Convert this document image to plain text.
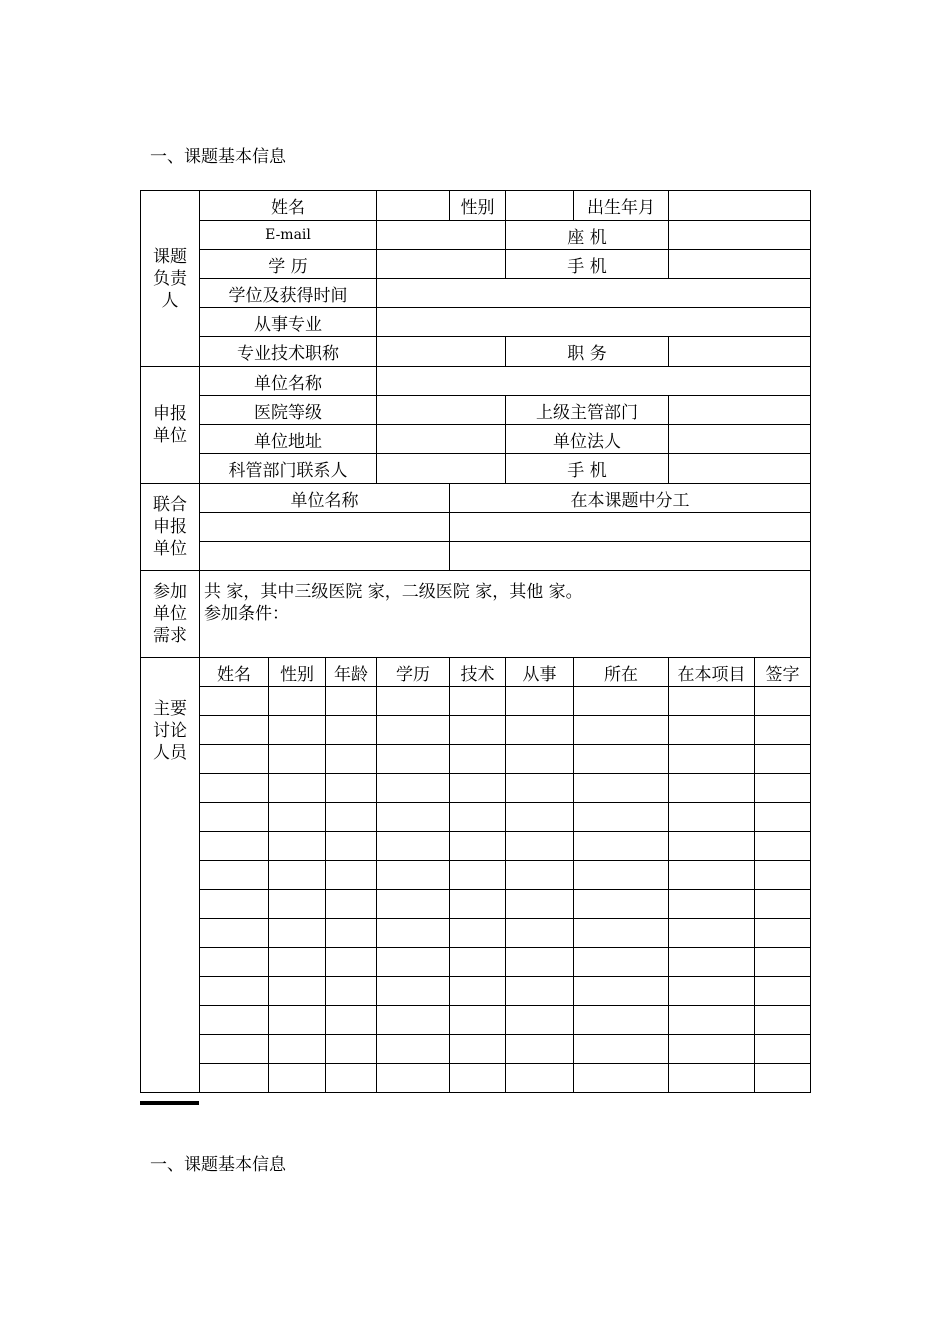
一、课题基本信息
课题负责人	姓名				性别		出生年月		
	E-mail					座 机			
	学 历					手 机			
	学位及获得时间								
	从事专业								
	专业技术职称					职 务			
申报单位	单位名称								
	医院等级					上级主管部门			
	单位地址					单位法人			
	科管部门联系人					手 机			
联合申报单位	单位名称				在本课题中分工				

参加单位需求	共 家，其中三级医院 家，二级医院 家，其他 家。
参加条件：								

主要讨论人员	姓名	性别	年龄	学历	技术	从事	所在	在本项目	签字

一、课题基本信息
